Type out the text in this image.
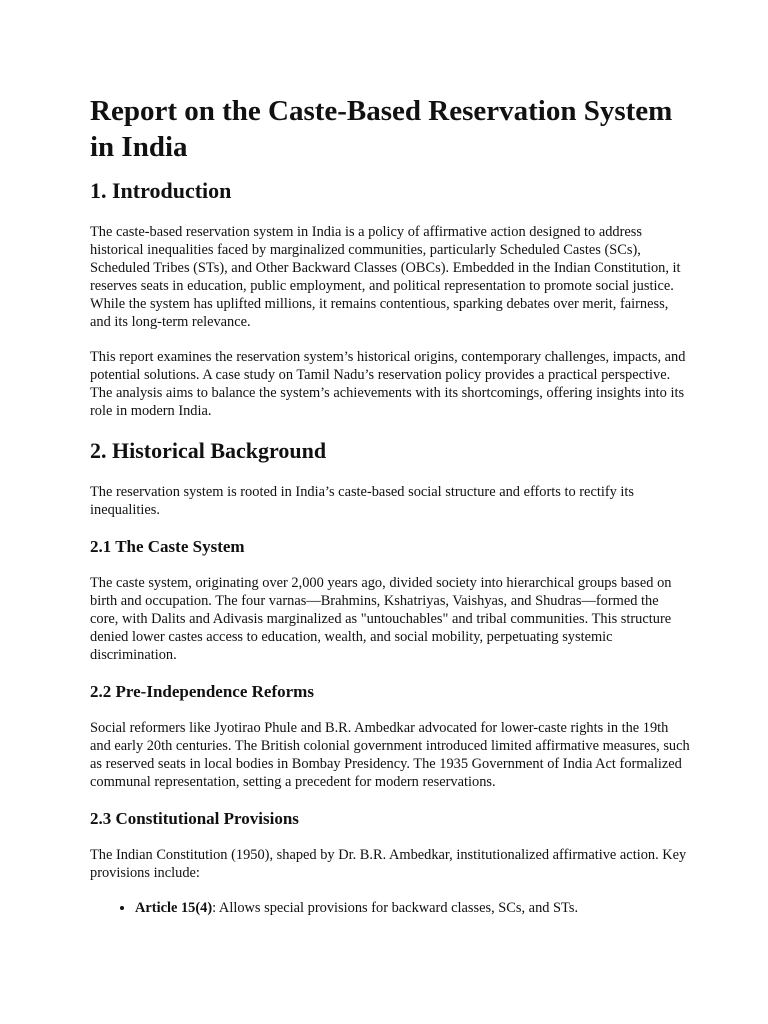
Report on the Caste-Based Reservation System in India
1. Introduction

The caste-based reservation system in India is a policy of affirmative action designed to address historical inequalities faced by marginalized communities, particularly Scheduled Castes (SCs), Scheduled Tribes (STs), and Other Backward Classes (OBCs). Embedded in the Indian Constitution, it reserves seats in education, public employment, and political representation to promote social justice. While the system has uplifted millions, it remains contentious, sparking debates over merit, fairness, and its long-term relevance.

This report examines the reservation system’s historical origins, contemporary challenges, impacts, and potential solutions. A case study on Tamil Nadu’s reservation policy provides a practical perspective. The analysis aims to balance the system’s achievements with its shortcomings, offering insights into its role in modern India.

2. Historical Background

The reservation system is rooted in India’s caste-based social structure and efforts to rectify its inequalities.

2.1 The Caste System

The caste system, originating over 2,000 years ago, divided society into hierarchical groups based on birth and occupation. The four varnas—Brahmins, Kshatriyas, Vaishyas, and Shudras—formed the core, with Dalits and Adivasis marginalized as "untouchables" and tribal communities. This structure denied lower castes access to education, wealth, and social mobility, perpetuating systemic discrimination.

2.2 Pre-Independence Reforms

Social reformers like Jyotirao Phule and B.R. Ambedkar advocated for lower-caste rights in the 19th and early 20th centuries. The British colonial government introduced limited affirmative measures, such as reserved seats in local bodies in Bombay Presidency. The 1935 Government of India Act formalized communal representation, setting a precedent for modern reservations.

2.3 Constitutional Provisions

The Indian Constitution (1950), shaped by Dr. B.R. Ambedkar, institutionalized affirmative action. Key provisions include:

• Article 15(4): Allows special provisions for backward classes, SCs, and STs.
